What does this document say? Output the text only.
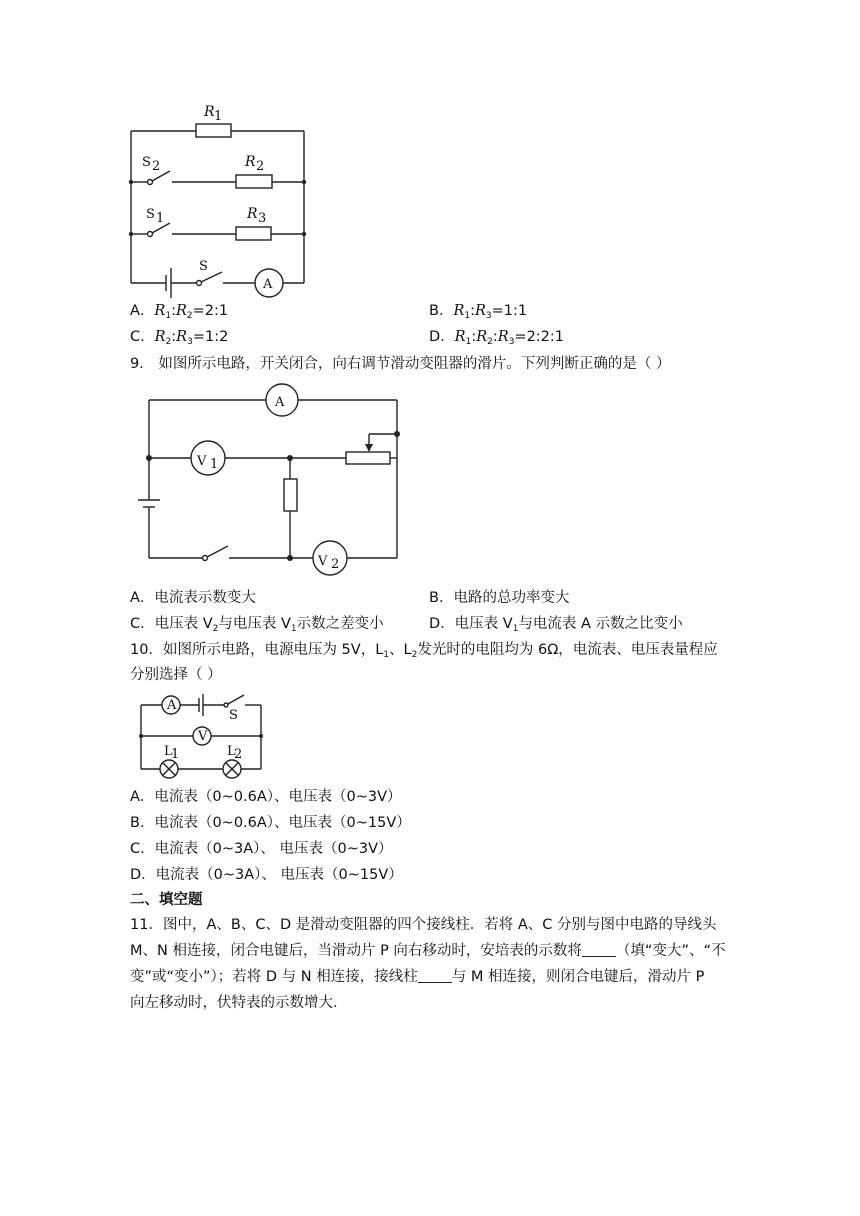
R 1
S 2	R 2
S 1	R 3
S
A
A
V 1
V 2
A
S
V
L
1	L
2
A．$R_1:R_2=2:1$	B．$R_1:R_3=1:1$
C．$R_2:R_3=1:2$	D．$R_1:R_2:R_3=2:2:1$
9． 如图所示电路，开关闭合，向右调节滑动变阻器的滑片。下列判断正确的是（ ）
A．电流表示数变大	B．电路的总功率变大
C．电压表 $V_2$与电压表 $V_1$示数之差变小	D．电压表 $V_1$与电流表 A 示数之比变小
10．如图所示电路，电源电压为 5V，$L_1$、$L_2$发光时的电阻均为 6Ω，电流表、电压表量程应
分别选择（ ）
A．电流表（0~0.6A）、电压表（0~3V）
B．电流表（0~0.6A）、电压表（0~15V）
C．电流表（0~3A）、 电压表（0~3V）
D．电流表（0~3A）、 电压表（0~15V）
二、填空题
11．图中，A、B、C、D 是滑动变阻器的四个接线柱．若将 A、C 分别与图中电路的导线头
M、N 相连接，闭合电键后，当滑动片 P 向右移动时，安培表的示数将 （填“变大”、“不
变”或“变小”）；若将 D 与 N 相连接，接线柱 与 M 相连接，则闭合电键后，滑动片 P
向左移动时，伏特表的示数增大．
